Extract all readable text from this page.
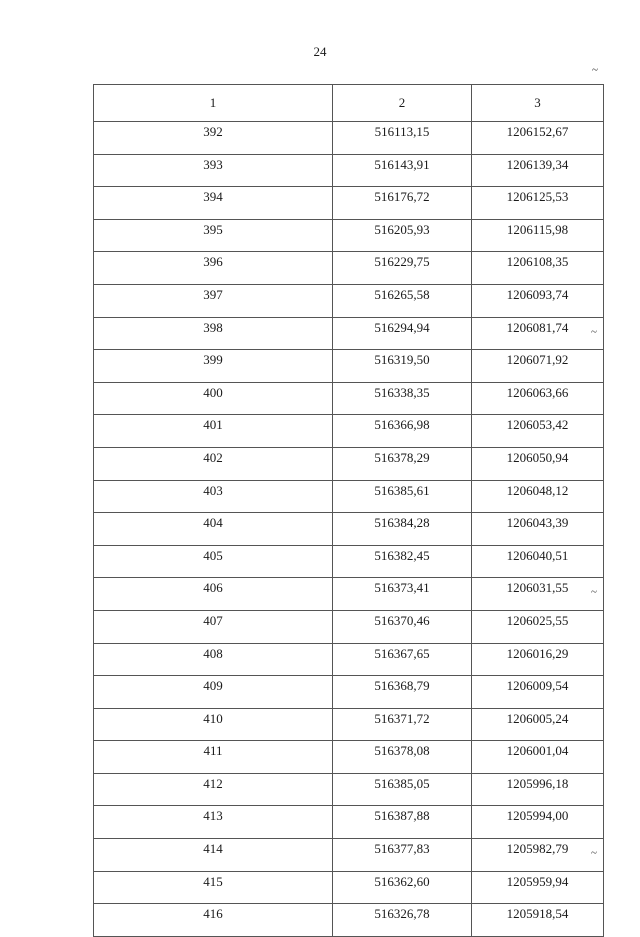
24
~
1	2	3
392	516113,15	1206152,67

393	516143,91	1206139,34

394	516176,72	1206125,53

395	516205,93	1206115,98

396	516229,75	1206108,35

397	516265,58	1206093,74

398	516294,94	1206081,74 ~

399	516319,50	1206071,92

400	516338,35	1206063,66

401	516366,98	1206053,42

402	516378,29	1206050,94

403	516385,61	1206048,12

404	516384,28	1206043,39

405	516382,45	1206040,51

406	516373,41	1206031,55 ~

407	516370,46	1206025,55

408	516367,65	1206016,29

409	516368,79	1206009,54

410	516371,72	1206005,24

411	516378,08	1206001,04

412	516385,05	1205996,18

413	516387,88	1205994,00

414	516377,83	1205982,79 ~

415	516362,60	1205959,94

416	516326,78	1205918,54
